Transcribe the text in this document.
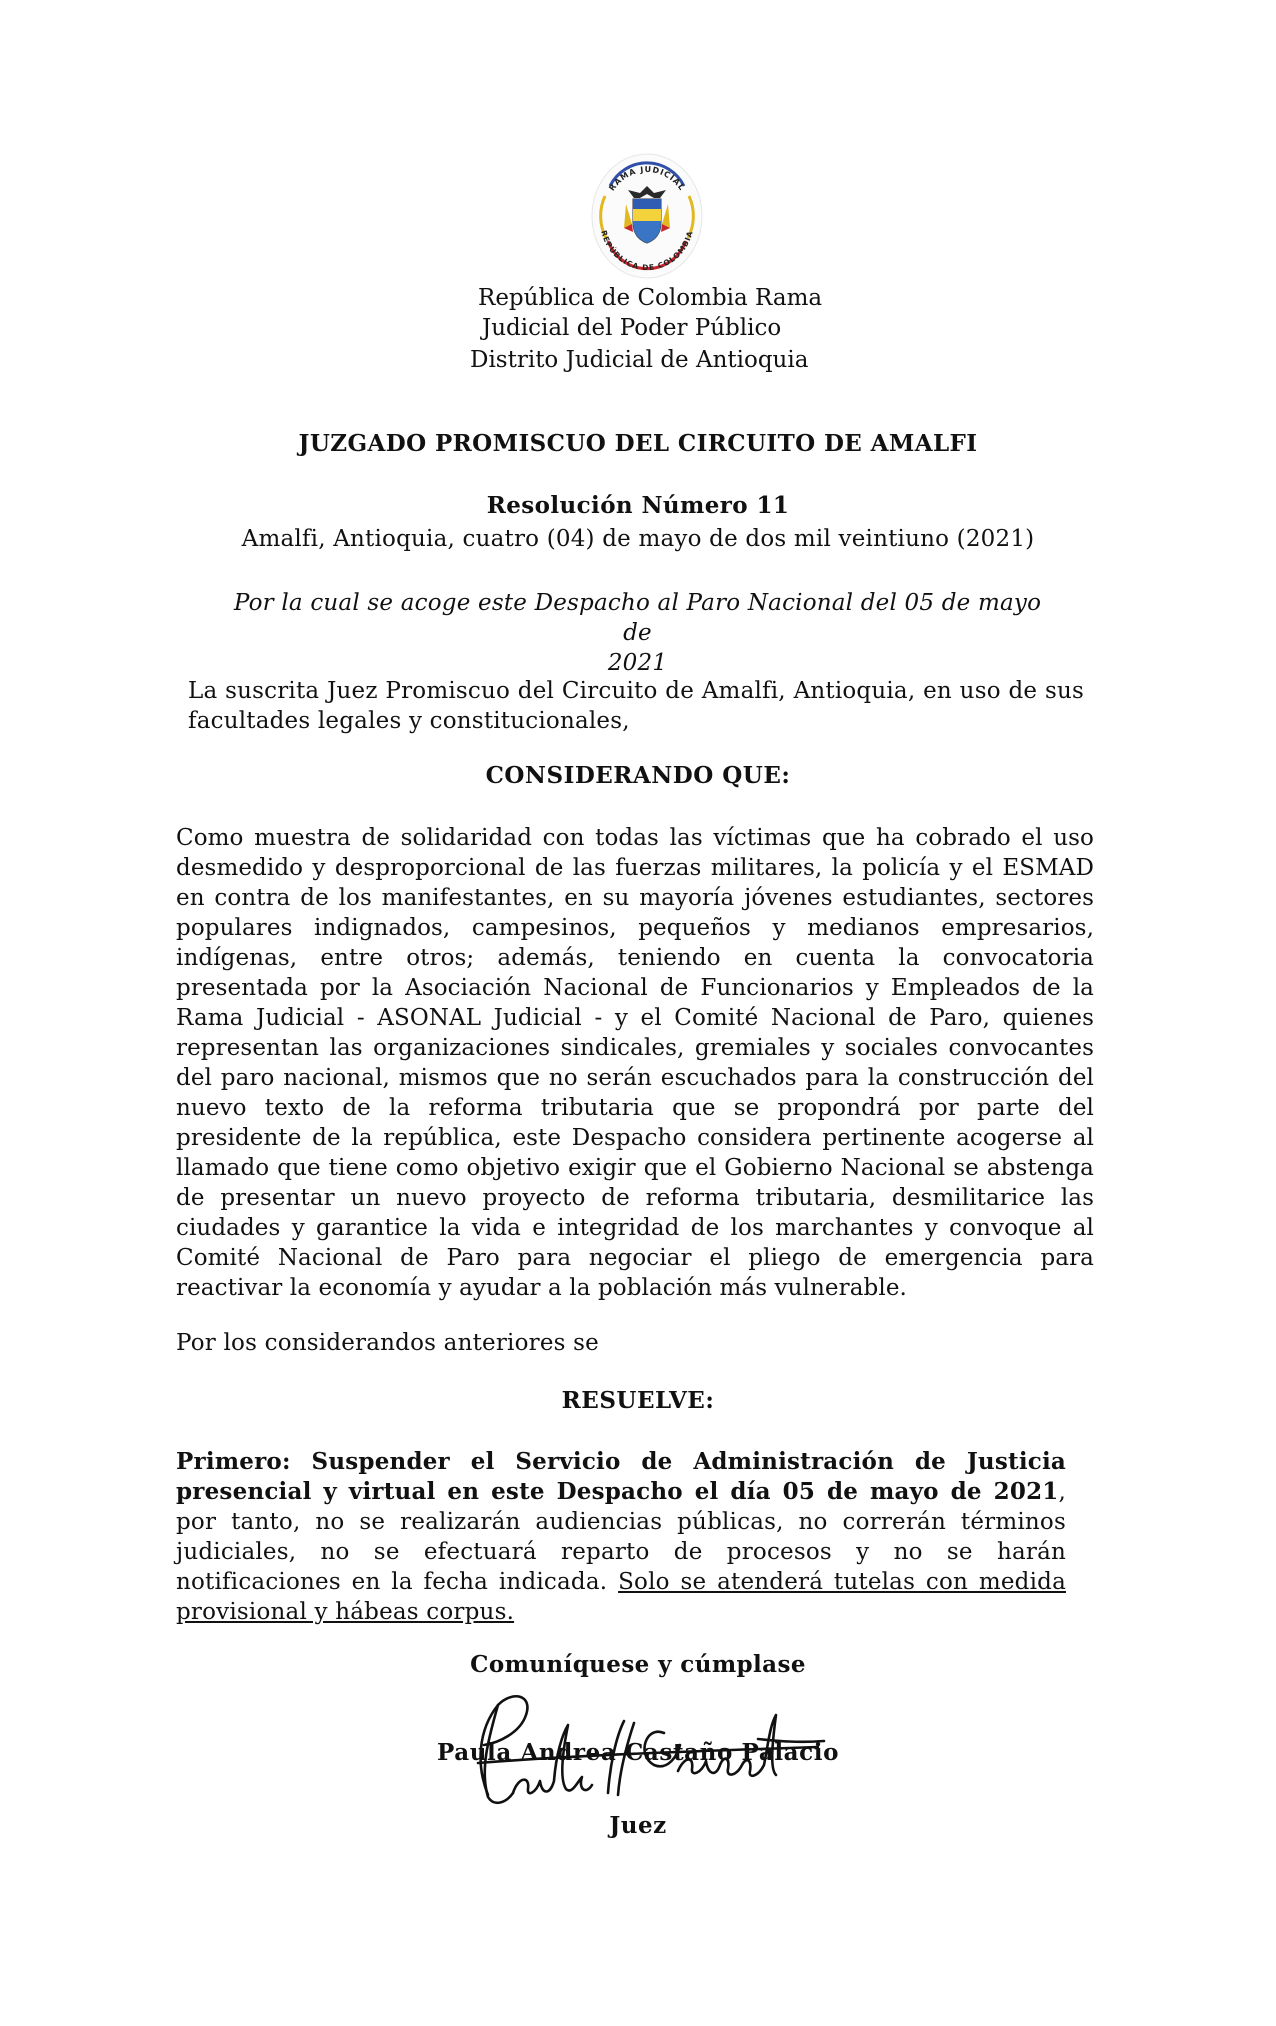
RAMA JUDICIAL
REPÚBLICA DE COLOMBIA
República de Colombia Rama
Judicial del Poder Público
Distrito Judicial de Antioquia
JUZGADO PROMISCUO DEL CIRCUITO DE AMALFI
Resolución Número 11
Amalfi, Antioquia, cuatro (04) de mayo de dos mil veintiuno (2021)
Por la cual se acoge este Despacho al Paro Nacional del 05 de mayo de
2021
La suscrita Juez Promiscuo del Circuito de Amalfi, Antioquia, en uso de sus facultades legales y constitucionales,
CONSIDERANDO QUE:
Como muestra de solidaridad con todas las víctimas que ha cobrado el uso desmedido y desproporcional de las fuerzas militares, la policía y el ESMAD en contra de los manifestantes, en su mayoría jóvenes estudiantes, sectores populares indignados, campesinos, pequeños y medianos empresarios, indígenas, entre otros; además, teniendo en cuenta la convocatoria presentada por la Asociación Nacional de Funcionarios y Empleados de la Rama Judicial - ASONAL Judicial - y el Comité Nacional de Paro, quienes representan las organizaciones sindicales, gremiales y sociales convocantes del paro nacional, mismos que no serán escuchados para la construcción del nuevo texto de la reforma tributaria que se propondrá por parte del presidente de la república, este Despacho considera pertinente acogerse al llamado que tiene como objetivo exigir que el Gobierno Nacional se abstenga de presentar un nuevo proyecto de reforma tributaria, desmilitarice las ciudades y garantice la vida e integridad de los marchantes y convoque al Comité Nacional de Paro para negociar el pliego de emergencia para reactivar la economía y ayudar a la población más vulnerable.
Por los considerandos anteriores se
RESUELVE:
Primero: Suspender el Servicio de Administración de Justicia presencial y virtual en este Despacho el día 05 de mayo de 2021, por tanto, no se realizarán audiencias públicas, no correrán términos judiciales, no se efectuará reparto de procesos y no se harán notificaciones en la fecha indicada. Solo se atenderá tutelas con medida provisional y hábeas corpus.
Comuníquese y cúmplase
Paula Andrea Castaño Palacio
Juez
